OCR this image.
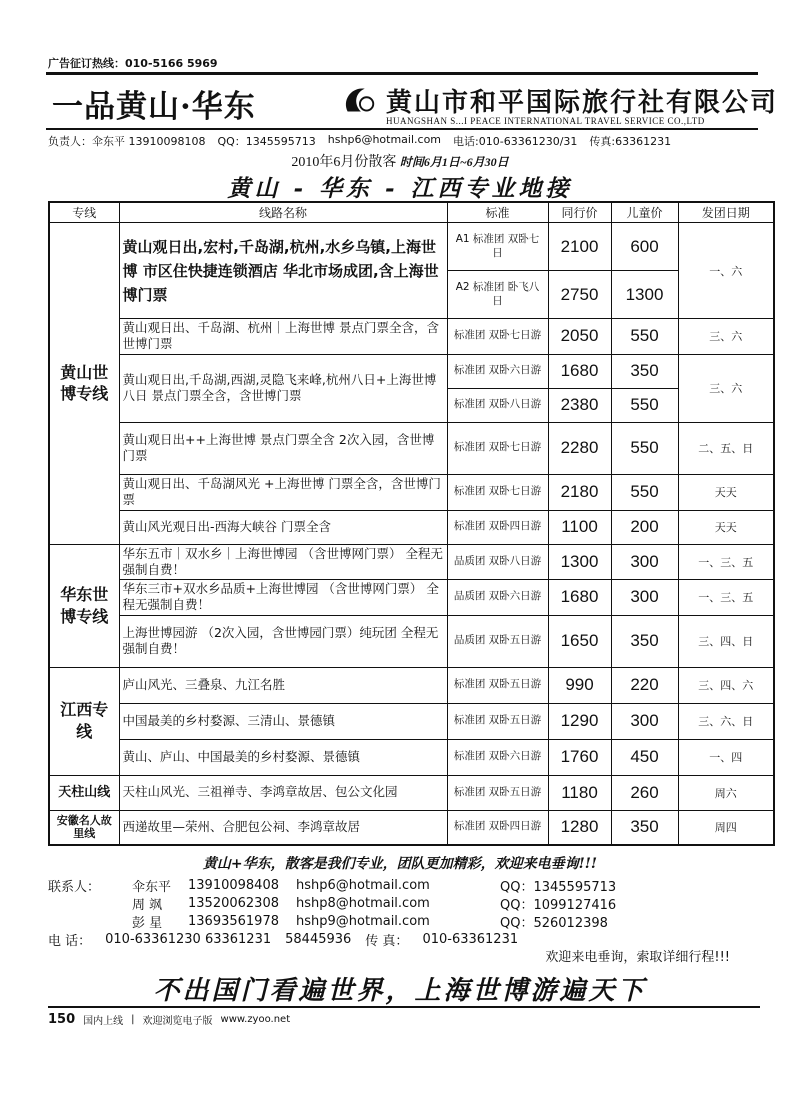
广告征订热线：010-5166 5969
一品黄山·华东	黄山市和平国际旅行社有限公司
HUANGSHAN S...I PEACE INTERNATIONAL TRAVEL SERVICE CO.,LTD
负责人：伞东平 13910098108 QQ：1345595713 hshp6@hotmail.com 电话:010-63361230/31 传真:63361231
2010年6月份散客 时间6月1日~6月30日
黄山 - 华东 - 江西专业地接
专线	线路名称	标准	同行价	儿童价	发团日期
黄山世博专线	黄山观日出,宏村,千岛湖,杭州,水乡乌镇,上海世博 市区住快捷连锁酒店 华北市场成团,含上海世博门票	A1 标准团 双卧七日	2100	600	一、六
		A2 标准团 卧飞八日	2750	1300	
	黄山观日出、千岛湖、杭州｜上海世博 景点门票全含，含世博门票	标准团 双卧七日游	2050	550	三、六
	黄山观日出,千岛湖,西湖,灵隐飞来峰,杭州八日+上海世博八日 景点门票全含，含世博门票	标准团 双卧六日游	1680	350	三、六
		标准团 双卧八日游	2380	550	
	黄山观日出++上海世博 景点门票全含 2次入园，含世博门票	标准团 双卧七日游	2280	550	二、五、日
	黄山观日出、千岛湖风光 +上海世博 门票全含，含世博门票	标准团 双卧七日游	2180	550	天天
	黄山风光观日出-西海大峡谷 门票全含	标准团 双卧四日游	1100	200	天天
华东世博专线	华东五市｜双水乡｜上海世博园 （含世博网门票） 全程无强制自费！	品质团 双卧八日游	1300	300	一、三、五
	华东三市+双水乡品质+上海世博园 （含世博网门票） 全程无强制自费！	品质团 双卧六日游	1680	300	一、三、五
	上海世博园游 （2次入园，含世博园门票）纯玩团 全程无强制自费！	品质团 双卧五日游	1650	350	三、四、日
江西专线	庐山风光、三叠泉、九江名胜	标准团 双卧五日游	990	220	三、四、六
	中国最美的乡村婺源、三清山、景德镇	标准团 双卧五日游	1290	300	三、六、日
	黄山、庐山、中国最美的乡村婺源、景德镇	标准团 双卧六日游	1760	450	一、四
天柱山线	天柱山风光、三祖禅寺、李鸿章故居、包公文化园	标准团 双卧五日游	1180	260	周六
安徽名人故里线	西递故里—荣州、合肥包公祠、李鸿章故居	标准团 双卧四日游	1280	350	周四
黄山+华东，散客是我们专业，团队更加精彩，欢迎来电垂询!!!
联系人：	伞东平	13910098408	hshp6@hotmail.com	QQ：1345595713
周 飒	13520062308	hshp8@hotmail.com	QQ：1099127416
彭 星	13693561978	hshp9@hotmail.com	QQ：526012398
电 话： 010-63361230 63361231 58445936 传 真： 010-63361231
欢迎来电垂询，索取详细行程!!!
不出国门看遍世界，上海世博游遍天下
150 国内上线 | 欢迎浏览电子版 www.zyoo.net
